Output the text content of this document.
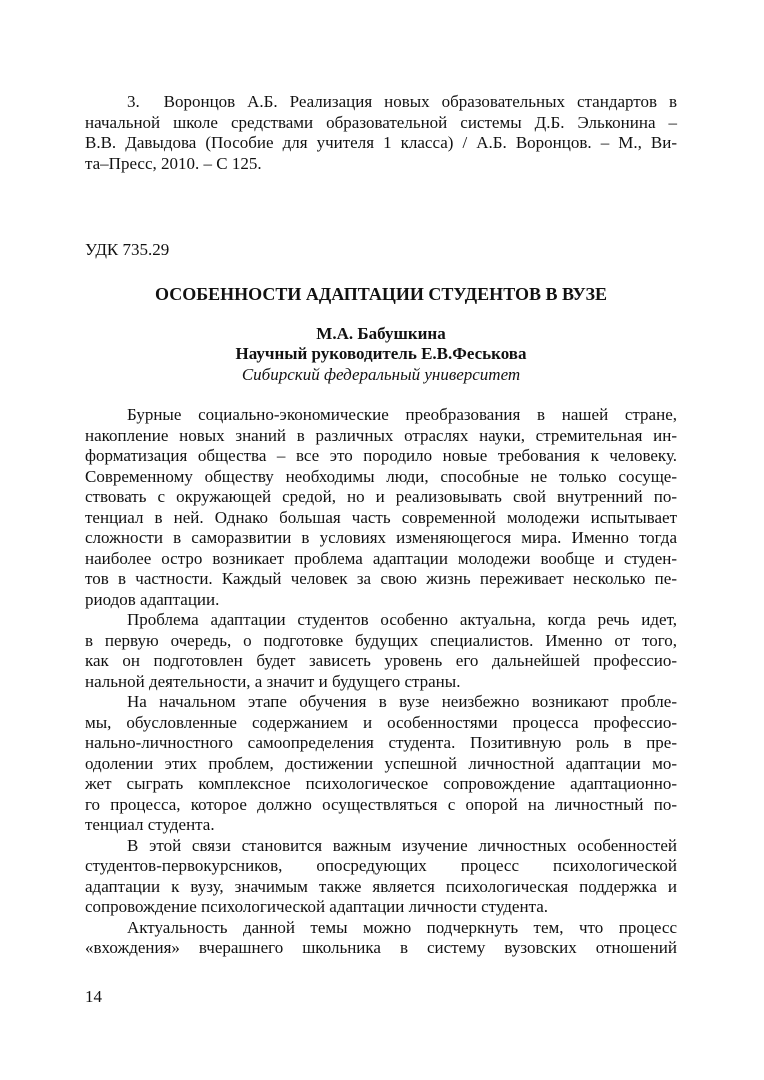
3.  Воронцов А.Б. Реализация новых образовательных стандартов в
начальной школе средствами образовательной системы Д.Б. Эльконина –
В.В. Давыдова (Пособие для учителя 1 класса) / А.Б. Воронцов. – М., Ви-
та–Пресс, 2010. – С 125.
УДК 735.29
ОСОБЕННОСТИ АДАПТАЦИИ СТУДЕНТОВ В ВУЗЕ
М.А. Бабушкина
Научный руководитель Е.В.Феськова
Сибирский федеральный университет
Бурные социально-экономические преобразования в нашей стране,
накопление новых знаний в различных отраслях науки, стремительная ин-
форматизация общества – все это породило новые требования к человеку.
Современному обществу необходимы люди, способные не только сосуще-
ствовать с окружающей средой, но и реализовывать свой внутренний по-
тенциал в ней. Однако большая часть современной молодежи испытывает
сложности в саморазвитии в условиях изменяющегося мира. Именно тогда
наиболее остро возникает проблема адаптации молодежи вообще и студен-
тов в частности. Каждый человек за свою жизнь переживает несколько пе-
риодов адаптации.
Проблема адаптации студентов особенно актуальна, когда речь идет,
в первую очередь, о подготовке будущих специалистов. Именно от того,
как он подготовлен будет зависеть уровень его дальнейшей профессио-
нальной деятельности, а значит и будущего страны.
На начальном этапе обучения в вузе неизбежно возникают пробле-
мы, обусловленные содержанием и особенностями процесса профессио-
нально-личностного самоопределения студента. Позитивную роль в пре-
одолении этих проблем, достижении успешной личностной адаптации мо-
жет сыграть комплексное психологическое сопровождение адаптационно-
го процесса, которое должно осуществляться с опорой на личностный по-
тенциал студента.
В этой связи становится важным изучение личностных особенностей
студентов-первокурсников, опосредующих процесс психологической
адаптации к вузу, значимым также является психологическая поддержка и
сопровождение психологической адаптации личности студента.
Актуальность данной темы можно подчеркнуть тем, что процесс
«вхождения» вчерашнего школьника в систему вузовских отношений
14
